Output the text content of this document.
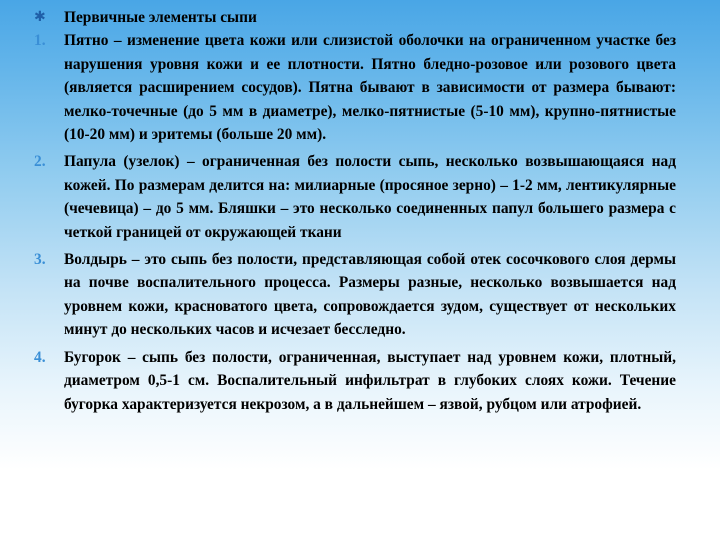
✱ Первичные элементы сыпи

1. Пятно – изменение цвета кожи или слизистой оболочки на ограниченном участке без нарушения уровня кожи и ее плотности. Пятно бледно-розовое или розового цвета (является расширением сосудов). Пятна бывают в зависимости от размера бывают: мелко-точечные (до 5 мм в диаметре), мелко-пятнистые (5-10 мм), крупно-пятнистые (10-20 мм) и эритемы (больше 20 мм).

2. Папула (узелок) – ограниченная без полости сыпь, несколько возвышающаяся над кожей. По размерам делится на: милиарные (просяное зерно) – 1-2 мм, лентикулярные (чечевица) – до 5 мм. Бляшки – это несколько соединенных папул большего размера с четкой границей от окружающей ткани

3. Волдырь – это сыпь без полости, представляющая собой отек сосочкового слоя дермы на почве воспалительного процесса. Размеры разные, несколько возвышается над уровнем кожи, красноватого цвета, сопровождается зудом, существует от нескольких минут до нескольких часов и исчезает бесследно.

4. Бугорок – сыпь без полости, ограниченная, выступает над уровнем кожи, плотный, диаметром 0,5-1 см. Воспалительный инфильтрат в глубоких слоях кожи. Течение бугорка характеризуется некрозом, а в дальнейшем – язвой, рубцом или атрофией.
